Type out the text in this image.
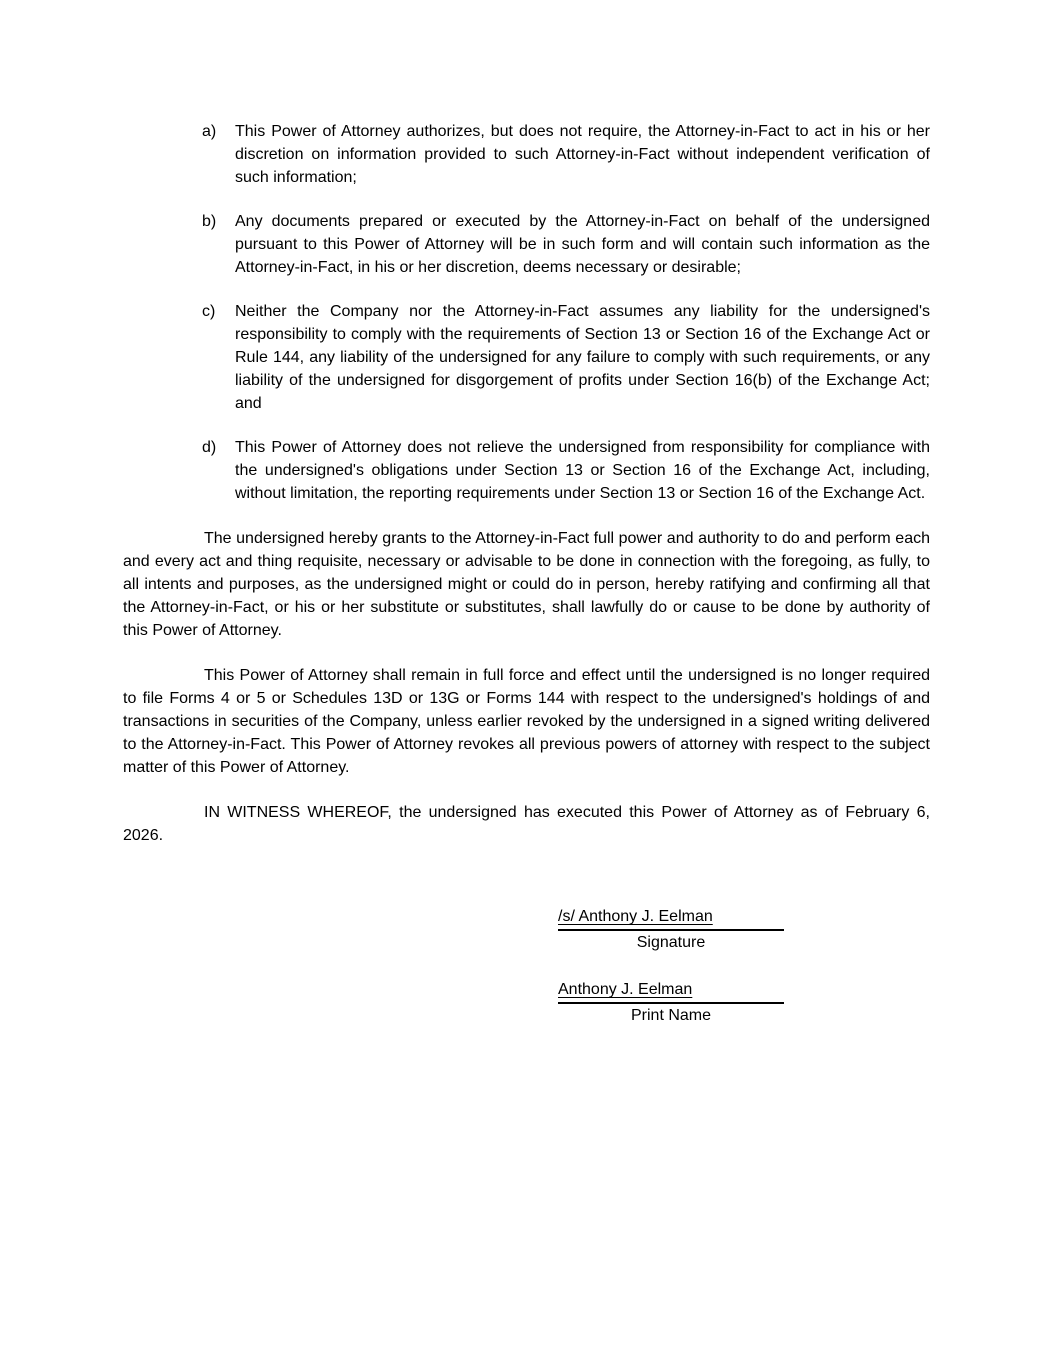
a) This Power of Attorney authorizes, but does not require, the Attorney-in-Fact to act in his or her discretion on information provided to such Attorney-in-Fact without independent verification of such information;
b) Any documents prepared or executed by the Attorney-in-Fact on behalf of the undersigned pursuant to this Power of Attorney will be in such form and will contain such information as the Attorney-in-Fact, in his or her discretion, deems necessary or desirable;
c) Neither the Company nor the Attorney-in-Fact assumes any liability for the undersigned's responsibility to comply with the requirements of Section 13 or Section 16 of the Exchange Act or Rule 144, any liability of the undersigned for any failure to comply with such requirements, or any liability of the undersigned for disgorgement of profits under Section 16(b) of the Exchange Act; and
d) This Power of Attorney does not relieve the undersigned from responsibility for compliance with the undersigned's obligations under Section 13 or Section 16 of the Exchange Act, including, without limitation, the reporting requirements under Section 13 or Section 16 of the Exchange Act.

The undersigned hereby grants to the Attorney-in-Fact full power and authority to do and perform each and every act and thing requisite, necessary or advisable to be done in connection with the foregoing, as fully, to all intents and purposes, as the undersigned might or could do in person, hereby ratifying and confirming all that the Attorney-in-Fact, or his or her substitute or substitutes, shall lawfully do or cause to be done by authority of this Power of Attorney.

This Power of Attorney shall remain in full force and effect until the undersigned is no longer required to file Forms 4 or 5 or Schedules 13D or 13G or Forms 144 with respect to the undersigned's holdings of and transactions in securities of the Company, unless earlier revoked by the undersigned in a signed writing delivered to the Attorney-in-Fact. This Power of Attorney revokes all previous powers of attorney with respect to the subject matter of this Power of Attorney.

IN WITNESS WHEREOF, the undersigned has executed this Power of Attorney as of February 6, 2026.

/s/ Anthony J. Eelman
Signature
Anthony J. Eelman
Print Name
